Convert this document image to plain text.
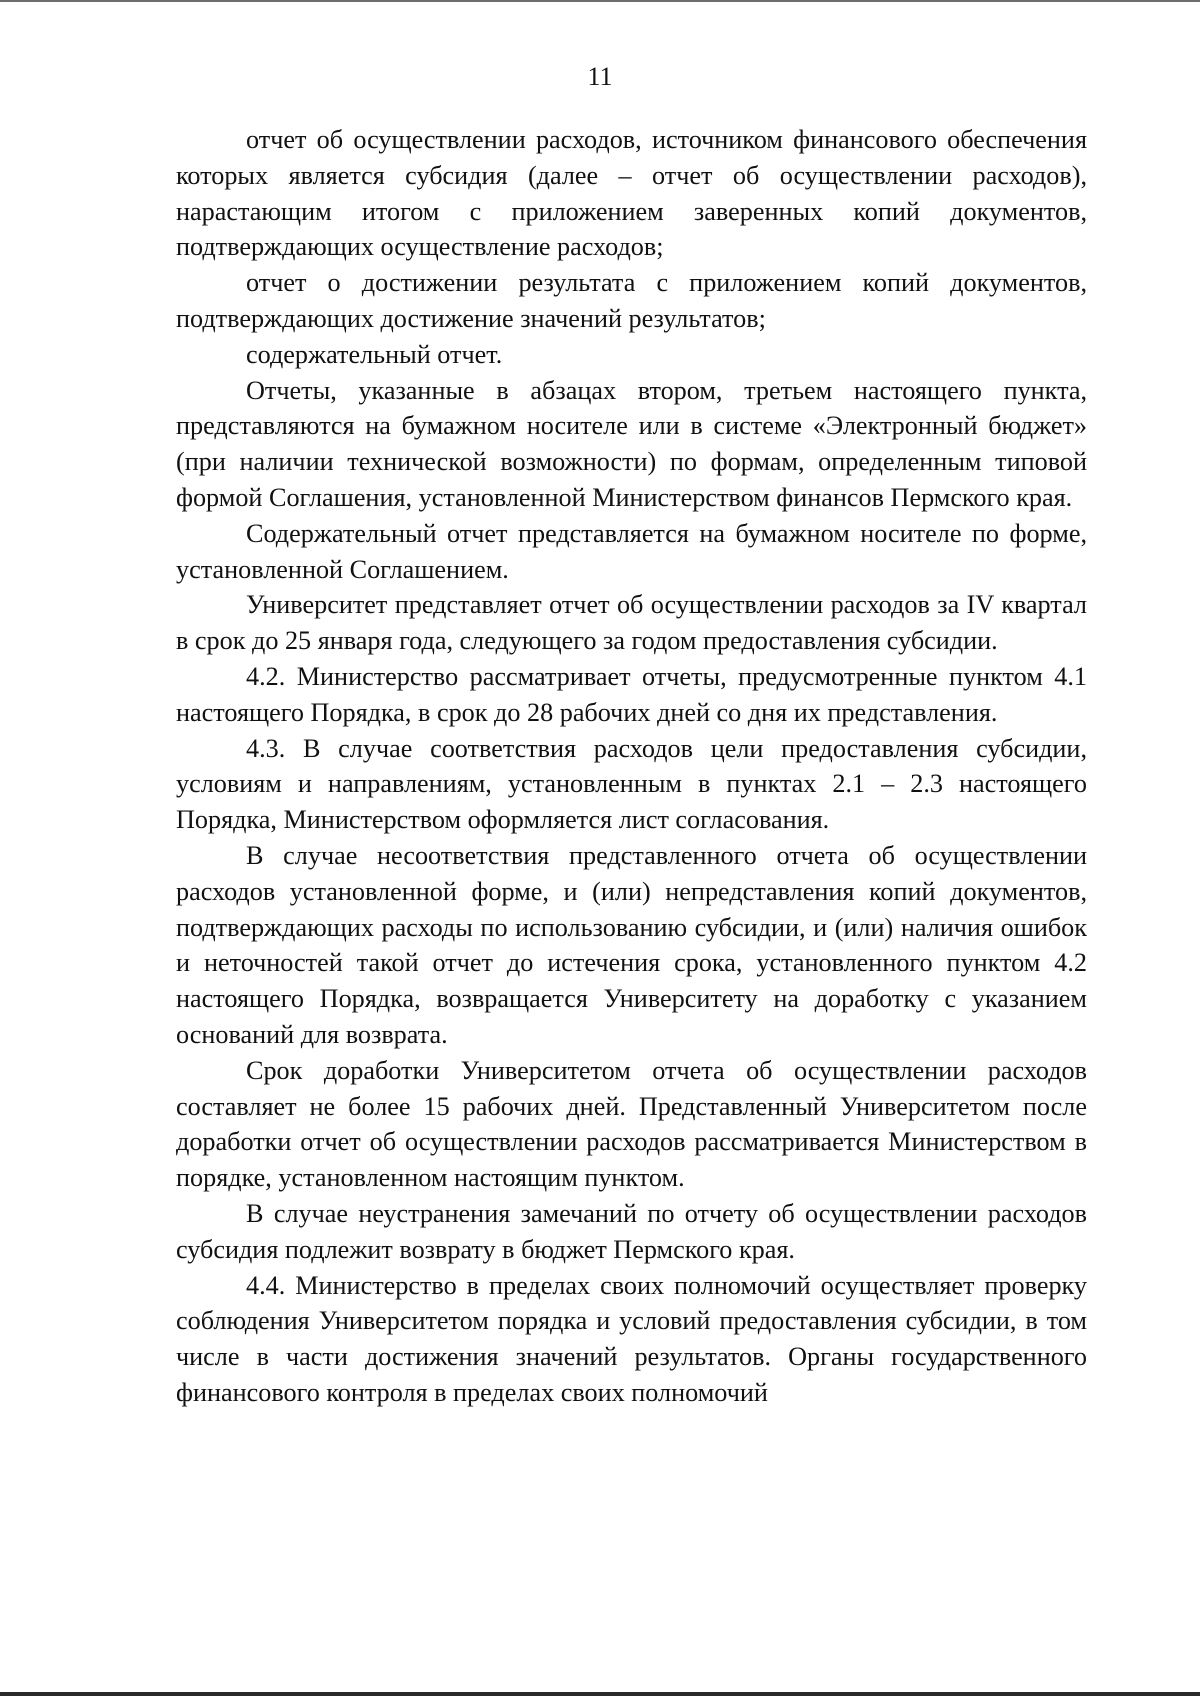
11

отчет об осуществлении расходов, источником финансового обеспечения которых является субсидия (далее – отчет об осуществлении расходов), нарастающим итогом с приложением заверенных копий документов, подтверждающих осуществление расходов;

отчет о достижении результата с приложением копий документов, подтверждающих достижение значений результатов;

содержательный отчет.

Отчеты, указанные в абзацах втором, третьем настоящего пункта, представляются на бумажном носителе или в системе «Электронный бюджет» (при наличии технической возможности) по формам, определенным типовой формой Соглашения, установленной Министерством финансов Пермского края.

Содержательный отчет представляется на бумажном носителе по форме, установленной Соглашением.

Университет представляет отчет об осуществлении расходов за IV квартал в срок до 25 января года, следующего за годом предоставления субсидии.

4.2. Министерство рассматривает отчеты, предусмотренные пунктом 4.1 настоящего Порядка, в срок до 28 рабочих дней со дня их представления.

4.3. В случае соответствия расходов цели предоставления субсидии, условиям и направлениям, установленным в пунктах 2.1 – 2.3 настоящего Порядка, Министерством оформляется лист согласования.

В случае несоответствия представленного отчета об осуществлении расходов установленной форме, и (или) непредставления копий документов, подтверждающих расходы по использованию субсидии, и (или) наличия ошибок и неточностей такой отчет до истечения срока, установленного пунктом 4.2 настоящего Порядка, возвращается Университету на доработку с указанием оснований для возврата.

Срок доработки Университетом отчета об осуществлении расходов составляет не более 15 рабочих дней. Представленный Университетом после доработки отчет об осуществлении расходов рассматривается Министерством в порядке, установленном настоящим пунктом.

В случае неустранения замечаний по отчету об осуществлении расходов субсидия подлежит возврату в бюджет Пермского края.

4.4. Министерство в пределах своих полномочий осуществляет проверку соблюдения Университетом порядка и условий предоставления субсидии, в том числе в части достижения значений результатов. Органы государственного финансового контроля в пределах своих полномочий
